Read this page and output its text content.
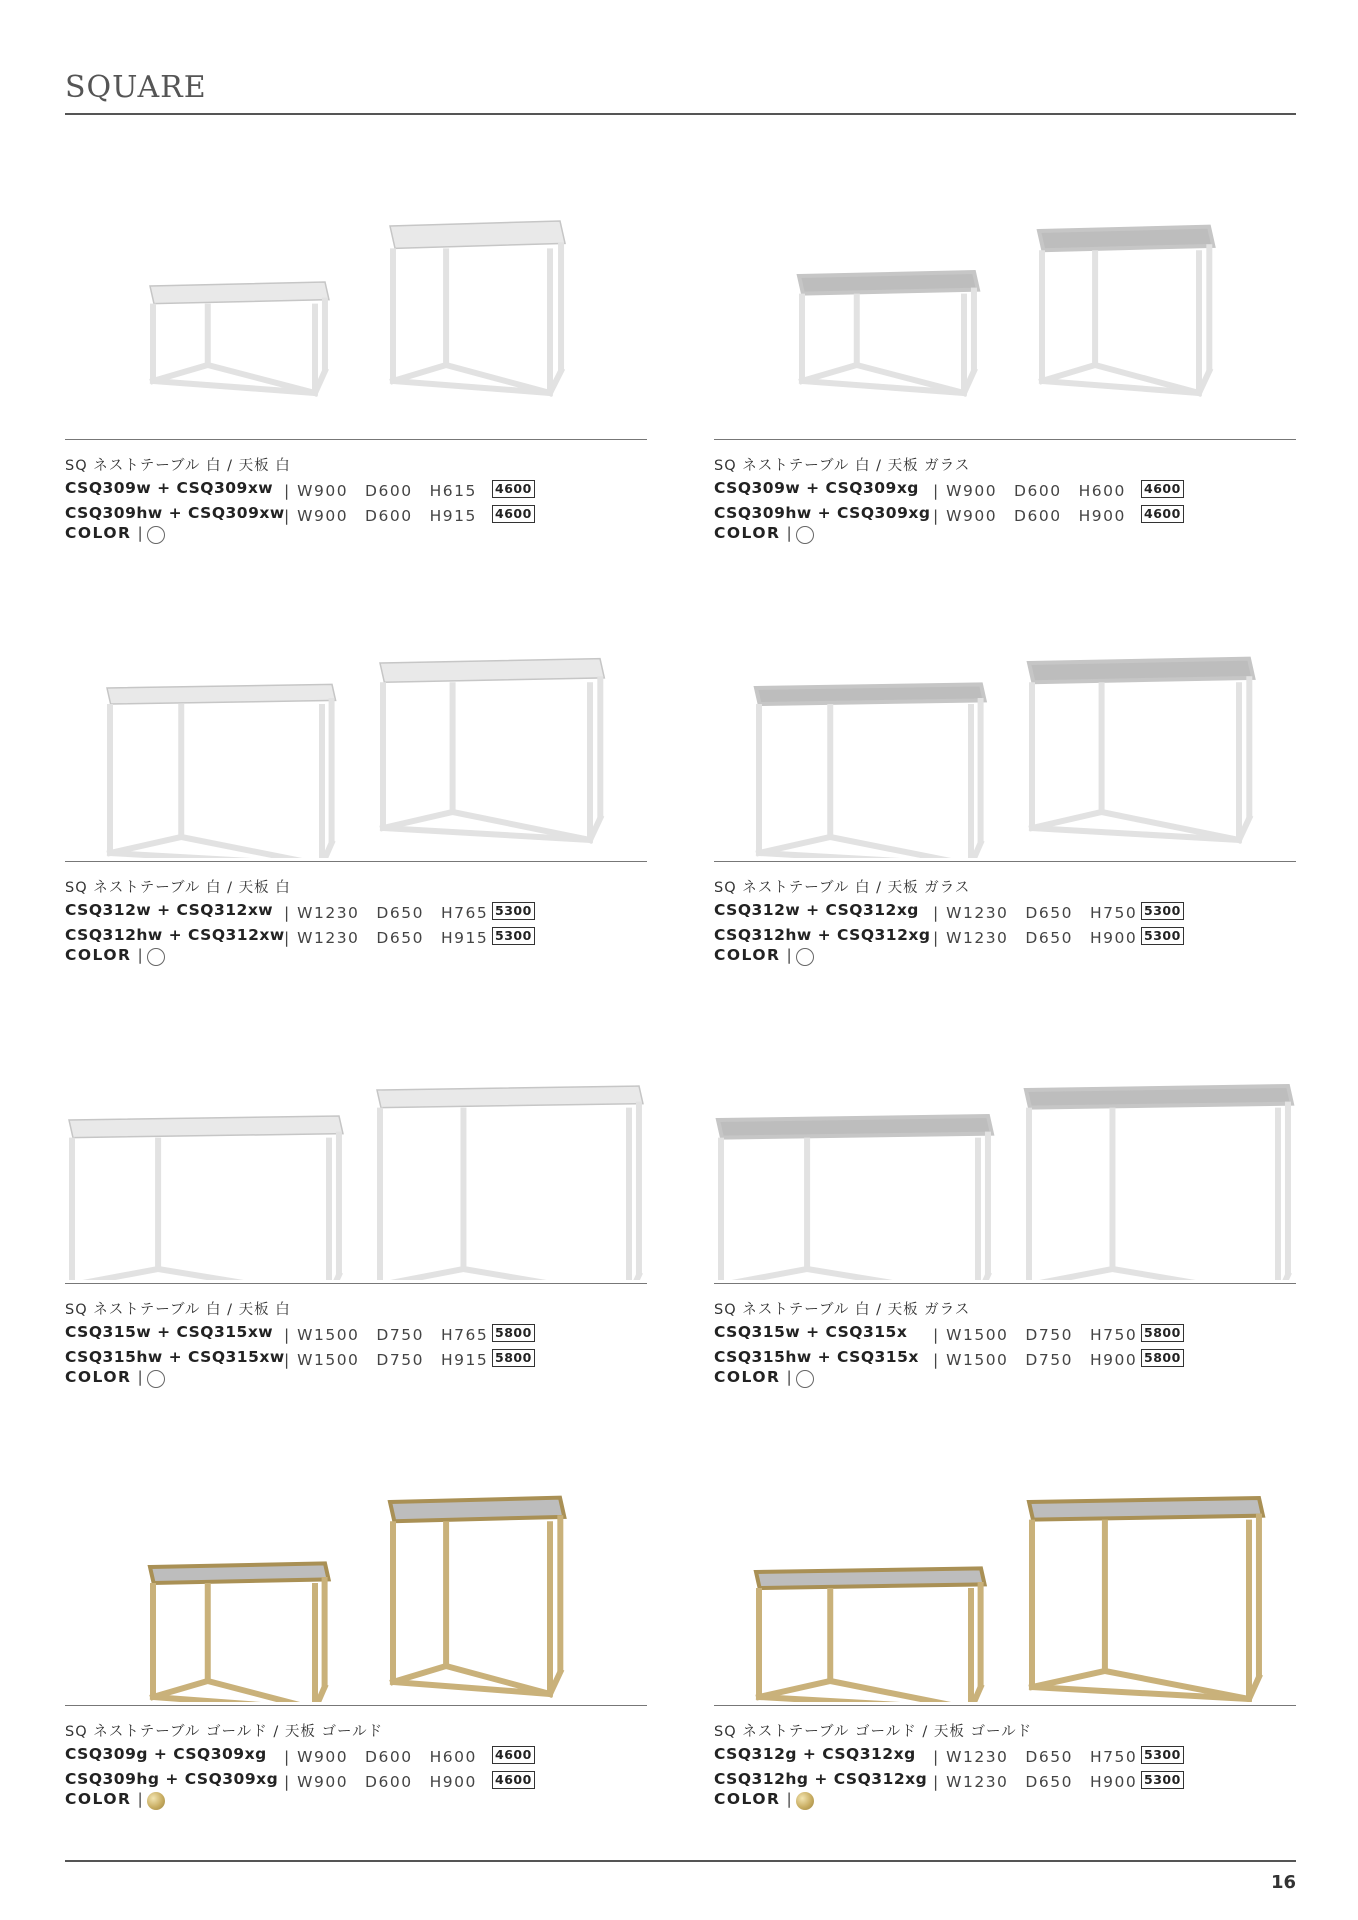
SQUARE
SQ ネストテーブル 白 / 天板 白
CSQ309w + CSQ309xw | W900　D600　H615 4600
CSQ309hw + CSQ309xw | W900　D600　H915 4600
COLOR |
SQ ネストテーブル 白 / 天板 ガラス
CSQ309w + CSQ309xg | W900　D600　H600 4600
CSQ309hw + CSQ309xg | W900　D600　H900 4600
COLOR |
SQ ネストテーブル 白 / 天板 白
CSQ312w + CSQ312xw | W1230　D650　H765 5300
CSQ312hw + CSQ312xw | W1230　D650　H915 5300
COLOR |
SQ ネストテーブル 白 / 天板 ガラス
CSQ312w + CSQ312xg | W1230　D650　H750 5300
CSQ312hw + CSQ312xg | W1230　D650　H900 5300
COLOR |
SQ ネストテーブル 白 / 天板 白
CSQ315w + CSQ315xw | W1500　D750　H765 5800
CSQ315hw + CSQ315xw | W1500　D750　H915 5800
COLOR |
SQ ネストテーブル 白 / 天板 ガラス
CSQ315w + CSQ315x | W1500　D750　H750 5800
CSQ315hw + CSQ315x | W1500　D750　H900 5800
COLOR |
SQ ネストテーブル ゴールド / 天板 ゴールド
CSQ309g + CSQ309xg | W900　D600　H600 4600
CSQ309hg + CSQ309xg | W900　D600　H900 4600
COLOR |
SQ ネストテーブル ゴールド / 天板 ゴールド
CSQ312g + CSQ312xg | W1230　D650　H750 5300
CSQ312hg + CSQ312xg | W1230　D650　H900 5300
COLOR |
16
